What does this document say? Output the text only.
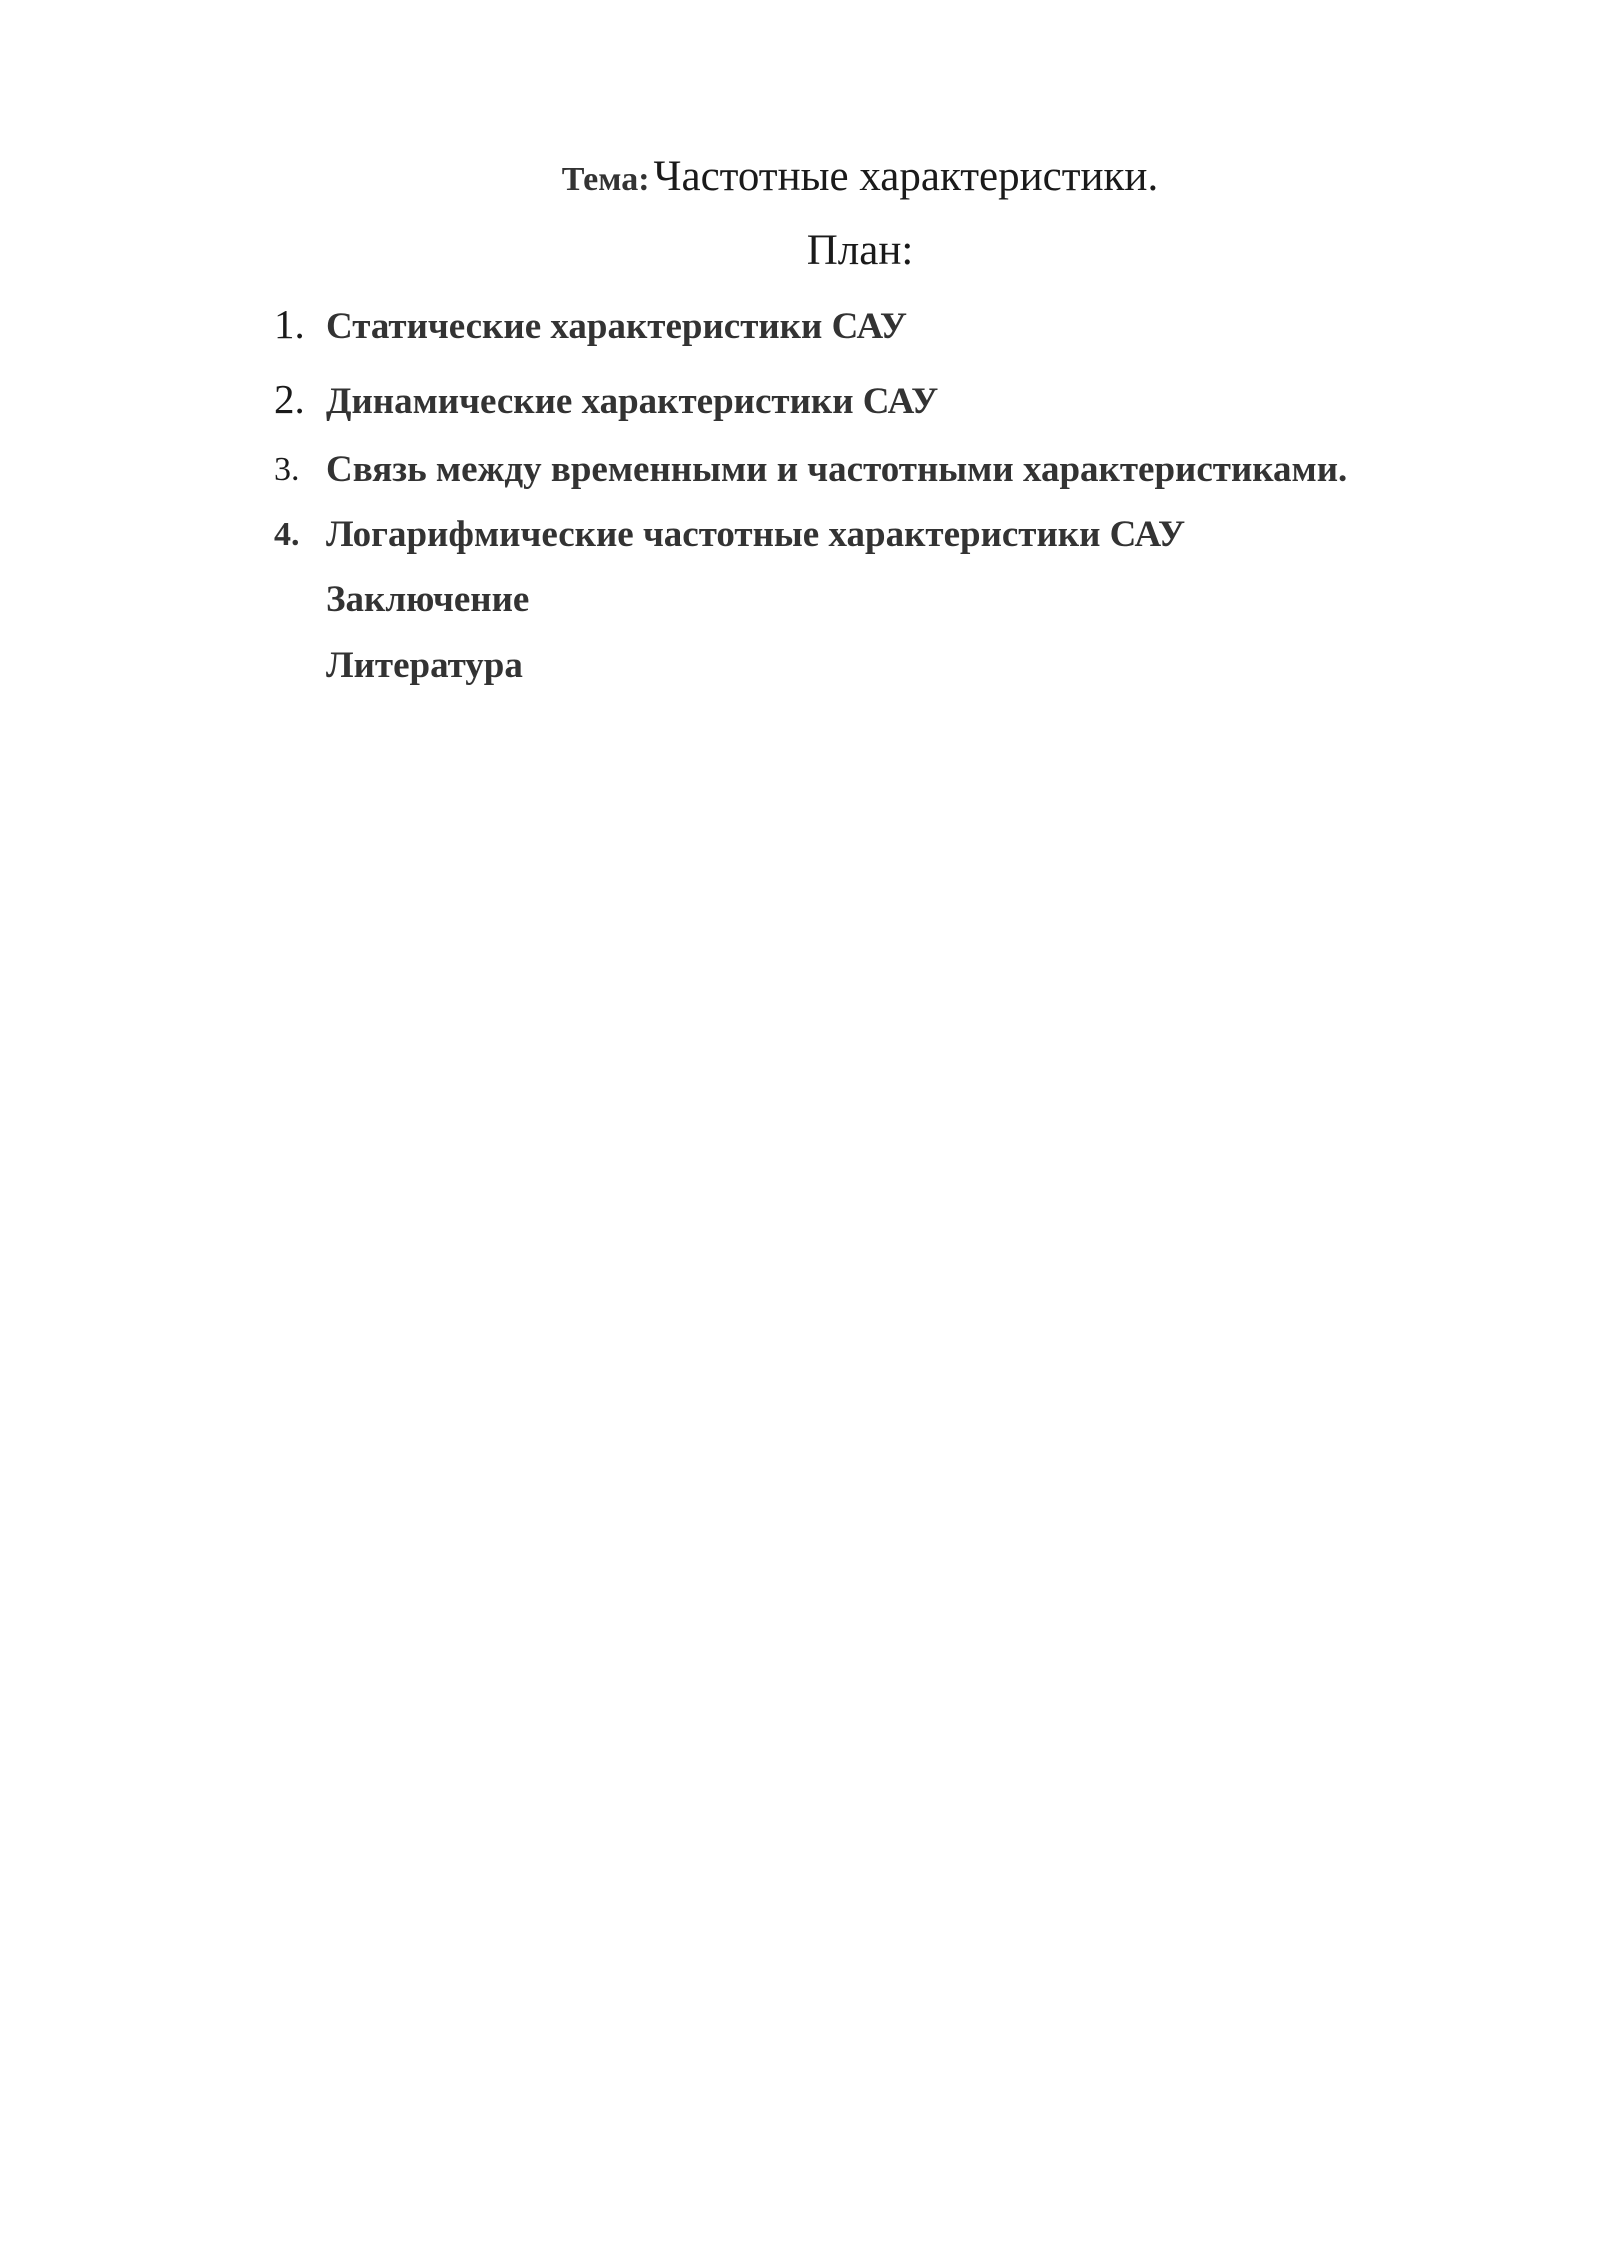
Тема: Частотные характеристики.
План:
1. Статические характеристики САУ
2. Динамические характеристики САУ
3. Связь между временными и частотными характеристиками.
4. Логарифмические частотные характеристики САУ
Заключение
Литература
